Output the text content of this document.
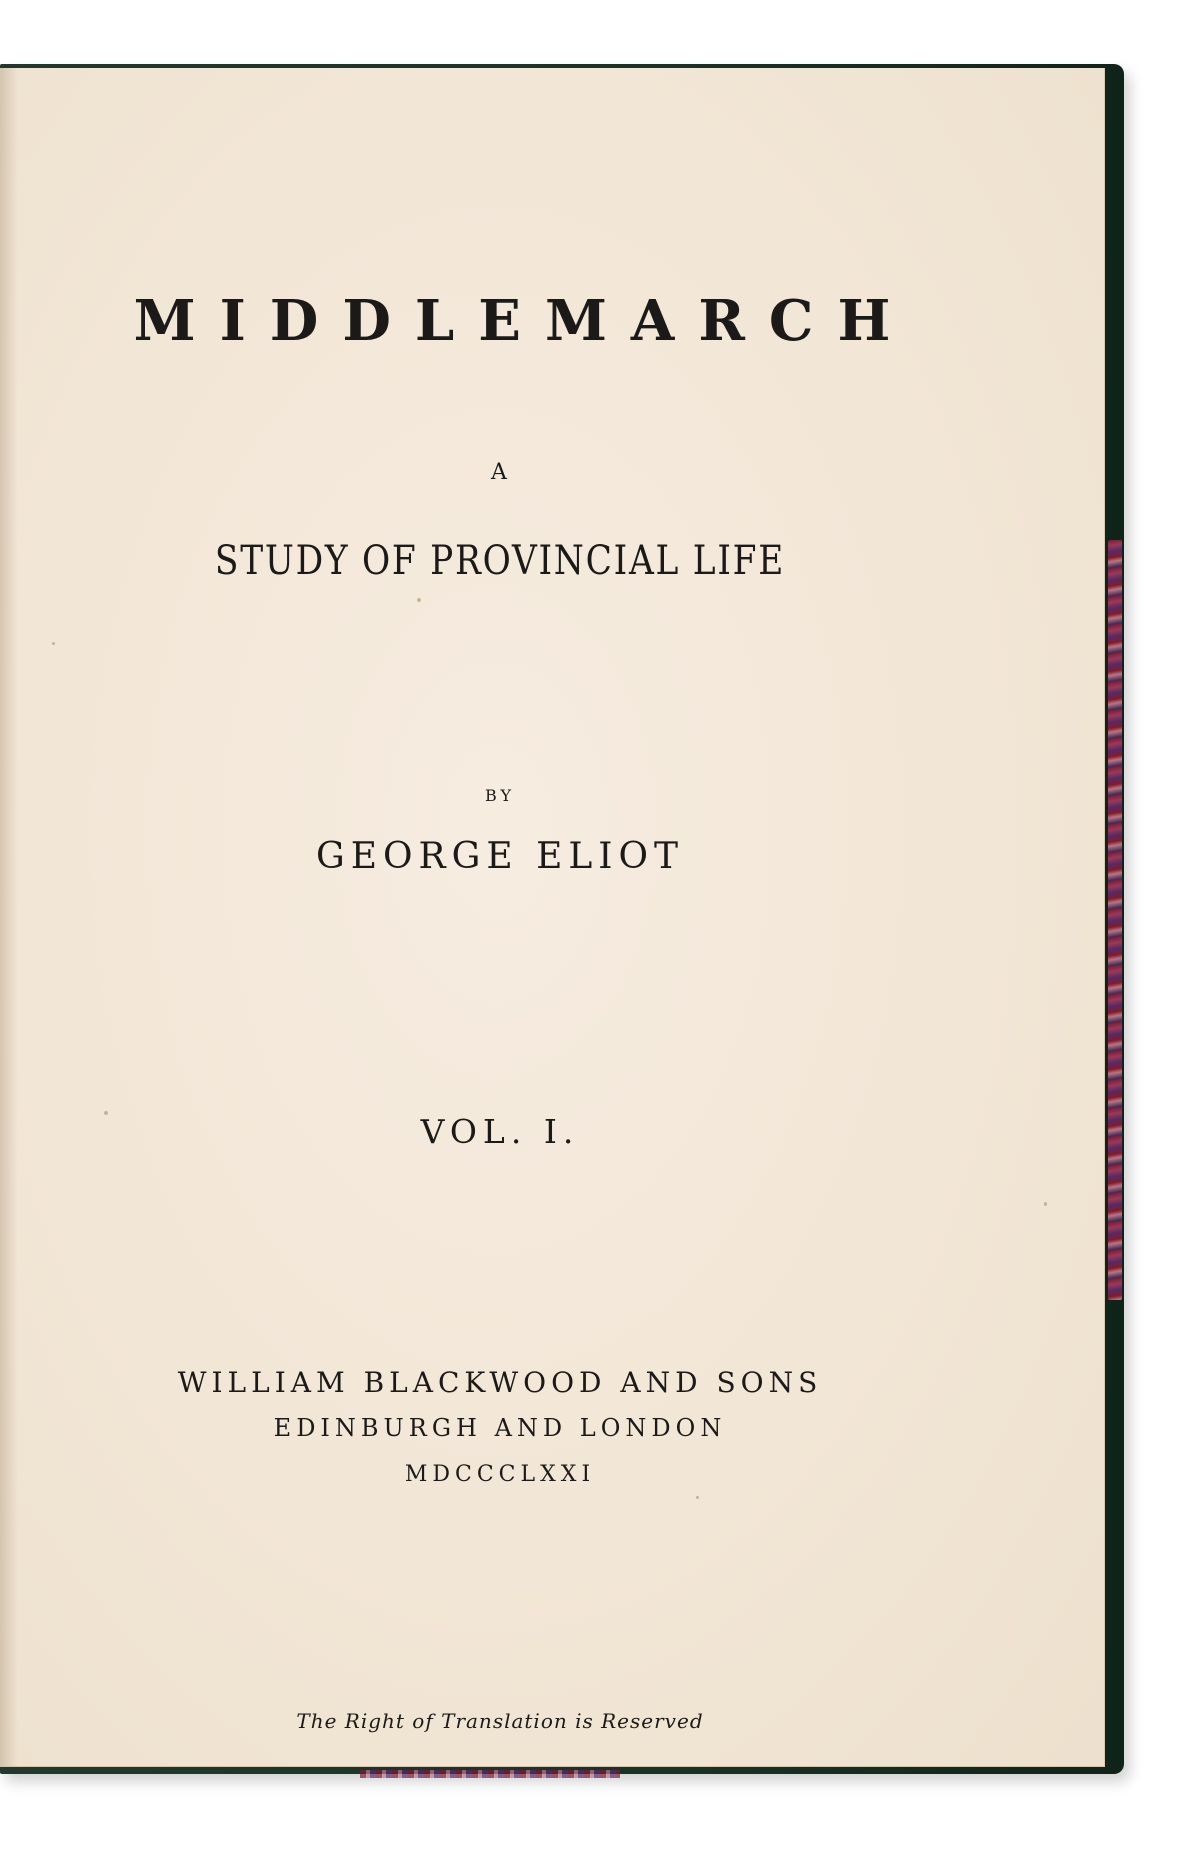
MIDDLEMARCH
A
STUDY OF PROVINCIAL LIFE
BY
GEORGE ELIOT
VOL. I.
WILLIAM BLACKWOOD AND SONS
EDINBURGH AND LONDON
MDCCCLXXI
The Right of Translation is Reserved
